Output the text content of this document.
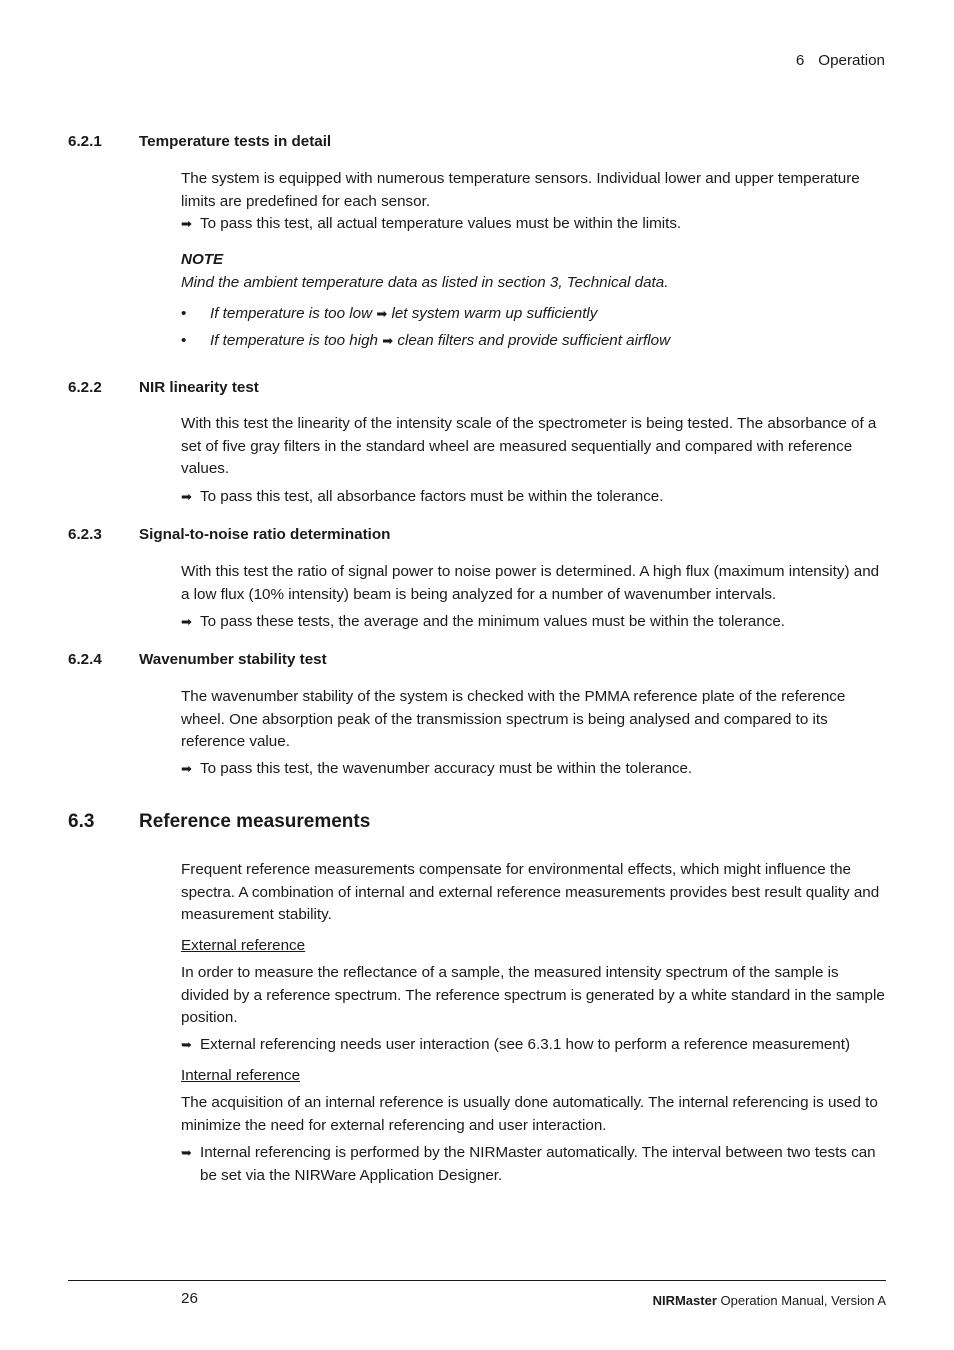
6 Operation
6.2.1 Temperature tests in detail
The system is equipped with numerous temperature sensors. Individual lower and upper temperature limits are predefined for each sensor.
➡ To pass this test, all actual temperature values must be within the limits.
NOTE
Mind the ambient temperature data as listed in section 3, Technical data.
• If temperature is too low ➡ let system warm up sufficiently
• If temperature is too high ➡ clean filters and provide sufficient airflow
6.2.2 NIR linearity test
With this test the linearity of the intensity scale of the spectrometer is being tested. The absorbance of a set of five gray filters in the standard wheel are measured sequentially and compared with reference values.
➡ To pass this test, all absorbance factors must be within the tolerance.
6.2.3 Signal-to-noise ratio determination
With this test the ratio of signal power to noise power is determined. A high flux (maximum intensity) and a low flux (10% intensity) beam is being analyzed for a number of wavenumber intervals.
➡ To pass these tests, the average and the minimum values must be within the tolerance.
6.2.4 Wavenumber stability test
The wavenumber stability of the system is checked with the PMMA reference plate of the reference wheel. One absorption peak of the transmission spectrum is being analysed and compared to its reference value.
➡ To pass this test, the wavenumber accuracy must be within the tolerance.
6.3 Reference measurements
Frequent reference measurements compensate for environmental effects, which might influence the spectra. A combination of internal and external reference measurements provides best result quality and measurement stability.
External reference
In order to measure the reflectance of a sample, the measured intensity spectrum of the sample is divided by a reference spectrum. The reference spectrum is generated by a white standard in the sample position.
➥ External referencing needs user interaction (see 6.3.1 how to perform a reference measurement)
Internal reference
The acquisition of an internal reference is usually done automatically. The internal referencing is used to minimize the need for external referencing and user interaction.
➥ Internal referencing is performed by the NIRMaster automatically. The interval between two tests can be set via the NIRWare Application Designer.
26	NIRMaster Operation Manual, Version A
